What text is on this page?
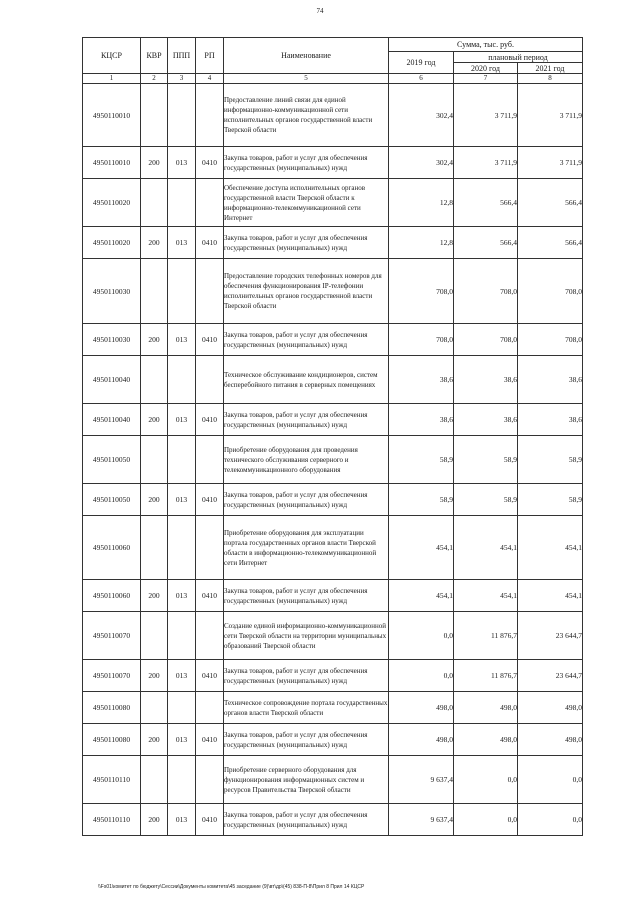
74
КЦСР	КВР	ППП	РП	Наименование	Сумма, тыс. руб.		
					2019 год	плановый период	
						2020 год	2021 год
1	2	3	4	5	6	7	8
4950110010				Предоставление линий связи для единой информационно-коммуникационной сети исполнительных органов государственной власти Тверской области	302,4	3 711,9	3 711,9
4950110010	200	013	0410	Закупка товаров, работ и услуг для обеспечения государственных (муниципальных) нужд	302,4	3 711,9	3 711,9
4950110020				Обеспечение доступа исполнительных органов государственной власти Тверской области к информационно-телекоммуникационной сети Интернет	12,8	566,4	566,4
4950110020	200	013	0410	Закупка товаров, работ и услуг для обеспечения государственных (муниципальных) нужд	12,8	566,4	566,4
4950110030				Предоставление городских телефонных номеров для обеспечения функционирования IP-телефонии исполнительных органов государственной власти Тверской области	708,0	708,0	708,0
4950110030	200	013	0410	Закупка товаров, работ и услуг для обеспечения государственных (муниципальных) нужд	708,0	708,0	708,0
4950110040				Техническое обслуживание кондиционеров, систем бесперебойного питания в серверных помещениях	38,6	38,6	38,6
4950110040	200	013	0410	Закупка товаров, работ и услуг для обеспечения государственных (муниципальных) нужд	38,6	38,6	38,6
4950110050				Приобретение оборудования для проведения технического обслуживания серверного и телекоммуникационного оборудования	58,9	58,9	58,9
4950110050	200	013	0410	Закупка товаров, работ и услуг для обеспечения государственных (муниципальных) нужд	58,9	58,9	58,9
4950110060				Приобретение оборудования для эксплуатации портала государственных органов власти Тверской области в информационно-телекоммуникационной сети Интернет	454,1	454,1	454,1
4950110060	200	013	0410	Закупка товаров, работ и услуг для обеспечения государственных (муниципальных) нужд	454,1	454,1	454,1
4950110070				Создание единой информационно-коммуникационной сети Тверской области на территории муниципальных образований Тверской области	0,0	11 876,7	23 644,7
4950110070	200	013	0410	Закупка товаров, работ и услуг для обеспечения государственных (муниципальных) нужд	0,0	11 876,7	23 644,7
4950110080				Техническое сопровождение портала государственных органов власти Тверской области	498,0	498,0	498,0
4950110080	200	013	0410	Закупка товаров, работ и услуг для обеспечения государственных (муниципальных) нужд	498,0	498,0	498,0
4950110110				Приобретение серверного оборудования для функционирования информационных систем и ресурсов Правительства Тверской области	9 637,4	0,0	0,0
4950110110	200	013	0410	Закупка товаров, работ и услуг для обеспечения государственных (муниципальных) нужд	9 637,4	0,0	0,0
\\Fs01\комитет по бюджету\Сессии\Документы комитета\45 заседание (9)\вт\др\(45) 838-П-8\Прил 8 Прил 14 КЦСР
